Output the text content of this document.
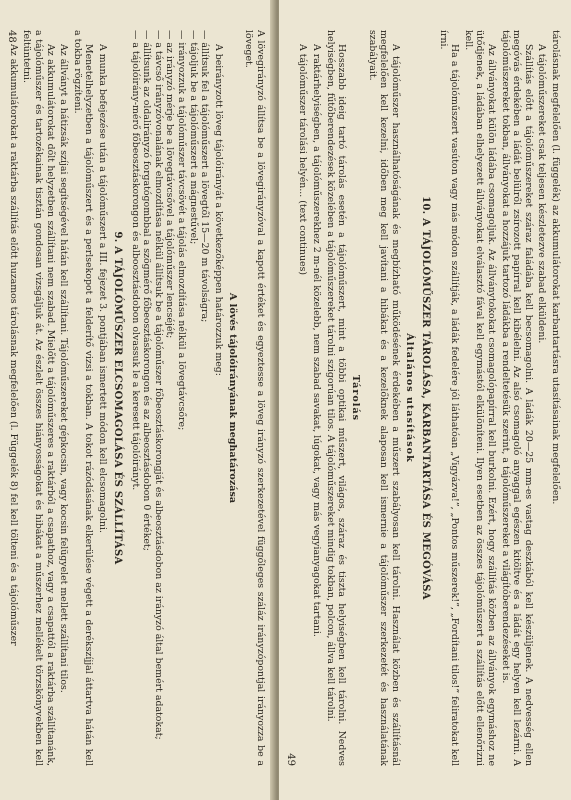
A lövegirányzó állítsa be a lövegirányzóval a kapott értéket és egyeztesse a löveg irányzó szerkezetével függőleges száláz irányzópontjal irányozza be a löveget.

A lövés tájolóirányának meghatározása

A beirányzott löveg tájolóirányát a következőképpen határozzuk meg:

— állítsuk fel a tájolóműszert a lövegtől 15—20 m távolságra;
— tájoljuk be a tájolóműszert a mágnestűvel;
— irányozzuk a tájolóműszer távcsövét a tájolás elmozdítása nélkül a lövegtávcsőre;
— az irányzó mérje be a lövegtávcsővel a tájolóműszer lencséjét;
— a távcső irányzóvonalának elmozdítása nélkül állítsuk be a tájolóműszer főbeosztáskorongját és albeosztásdobon az irányzó által bemért adatokat;
— állítsunk az oldalirányzó forgatógombbal a szögmérő főbeosztáskorongon és az albeosztásdobon 0 értéket;
— a tájolóirány-mérő főbeosztáskorongon és alboosztásdobon olvassuk le a keresett tájolóirányt.
9. A TÁJOLÓMŰSZER ELCSOMAGOLÁSA ÉS SZÁLLÍTÁSA

A munka befejezése után a tájolóműszert a III. fejezet 3. pontjában ismertett módon kell elcsomagolni.

Menetelhelyzetben a tájolóműszert és a perlsekopot a felderítő vizsi a tokban. A tokot rázódásának elkerülése végett a derékszíjjal áttartva hátán kell a tokba rögzíteni.

Az állványt a hátizsák szíjai segítségével hátán kell szállítani. Tájolóműszereket gépkocsin, vagy kocsin felügyelet mellett szállítani tilos.

Az akkumulátorokat dőlt helyzetben szállítani nem szabad. Mielőtt a tájolóműszeres a raktárból a csapathoz, vagy a csapattól a raktárba szállítanánk, a tájolóműszer és tartozékainak tisztán gondosan vizsgáljuk át. Az észlelt összes hiányosságokat és hibákat a műszerhez mellékelt törzskönyvekben kell feltüntetni.

Az akkumulátorokat a raktárba szállítás előtt huzamos tárolásnak megfelelően (l. Függelék 8) fel kell tölteni és a tájolóműszer

48	tárolásnak megfelelően (l. függelék) az akkumulátorokat karbantartásra utasításainak megfelelően.

A tájolóműszereket csak teljesen készletezve szabad elküldeni.

Szállítás előtt a tájolóműszereket száraz faládába kell becsomagolni. A ládák 20—25 mm-es vastag deszkából kell készüljenek. A nedvesség ellen megóvás érdekében a ládát belülről zsírozott papírral kell kibélelni. Az alsó csomagoló anyaggal egészen kitöltve és a ládát egy helyen kell lezárni. A tájolóműszereket tokban, állványokat a hozzájuk tartozó ládákba a rendeltetésük szerint, a tájolóműszereket a világítóberendezéseket is.

Az állványokat külön ládába csomagoljuk. Az állványtokokat csomagolópapírral kell burkolni. Ezért, hogy szállítás közben az állványok egymáshoz ne ütődjenek, a ládában elhelyezett állványokat elválasztó fával kell egymástól elkülöníteni. Ilyen esetben az összes tájolóműszert a szállítás előtt ellenőrizni kell.

Ha a tájolóműszert vasúton vagy más módon szállítják, a ládák fedelére jól láthatóan „Vigyázva!”, „Pontos műszerek!”, „Fordítani tilos!” feliratokat kell írni.

10. A TÁJOLÓMŰSZER TÁROLÁSA, KARBANTARTÁSA ÉS MEGÓVÁSA
Általános utasítások

A tájolóműszer használhatóságának és megbízható működésének érdekében a műszert szabályosan kell tárolni. Használat közben és szállításnál megfelelően kell kezelni, időben meg kell javítani a hibákat és a kezelőknek alaposan kell ismernie a tájolóműszer szerkezetét és használatának szabályait.

Tárolás

Hosszabb ideig tartó tárolás esetén a tájolóműszert, mint a többi optikai műszert, világos, száraz és tiszta helyiségben kell tárolni. Nedves helyiségben, fűtőberendezések közelében a tájolóműszereket tárolni szigorúan tilos. A tájolóműszereket mindig tokban, polcon, állva kell tárolni.

A raktárhelyiségben, a tájolóműszerekhez 2 m-nél közelebb, nem szabad savakat, lúgokat, vagy más vegyianyagokat tartani.

A tájolóműszer tárolási helyén... (text continues)

49
